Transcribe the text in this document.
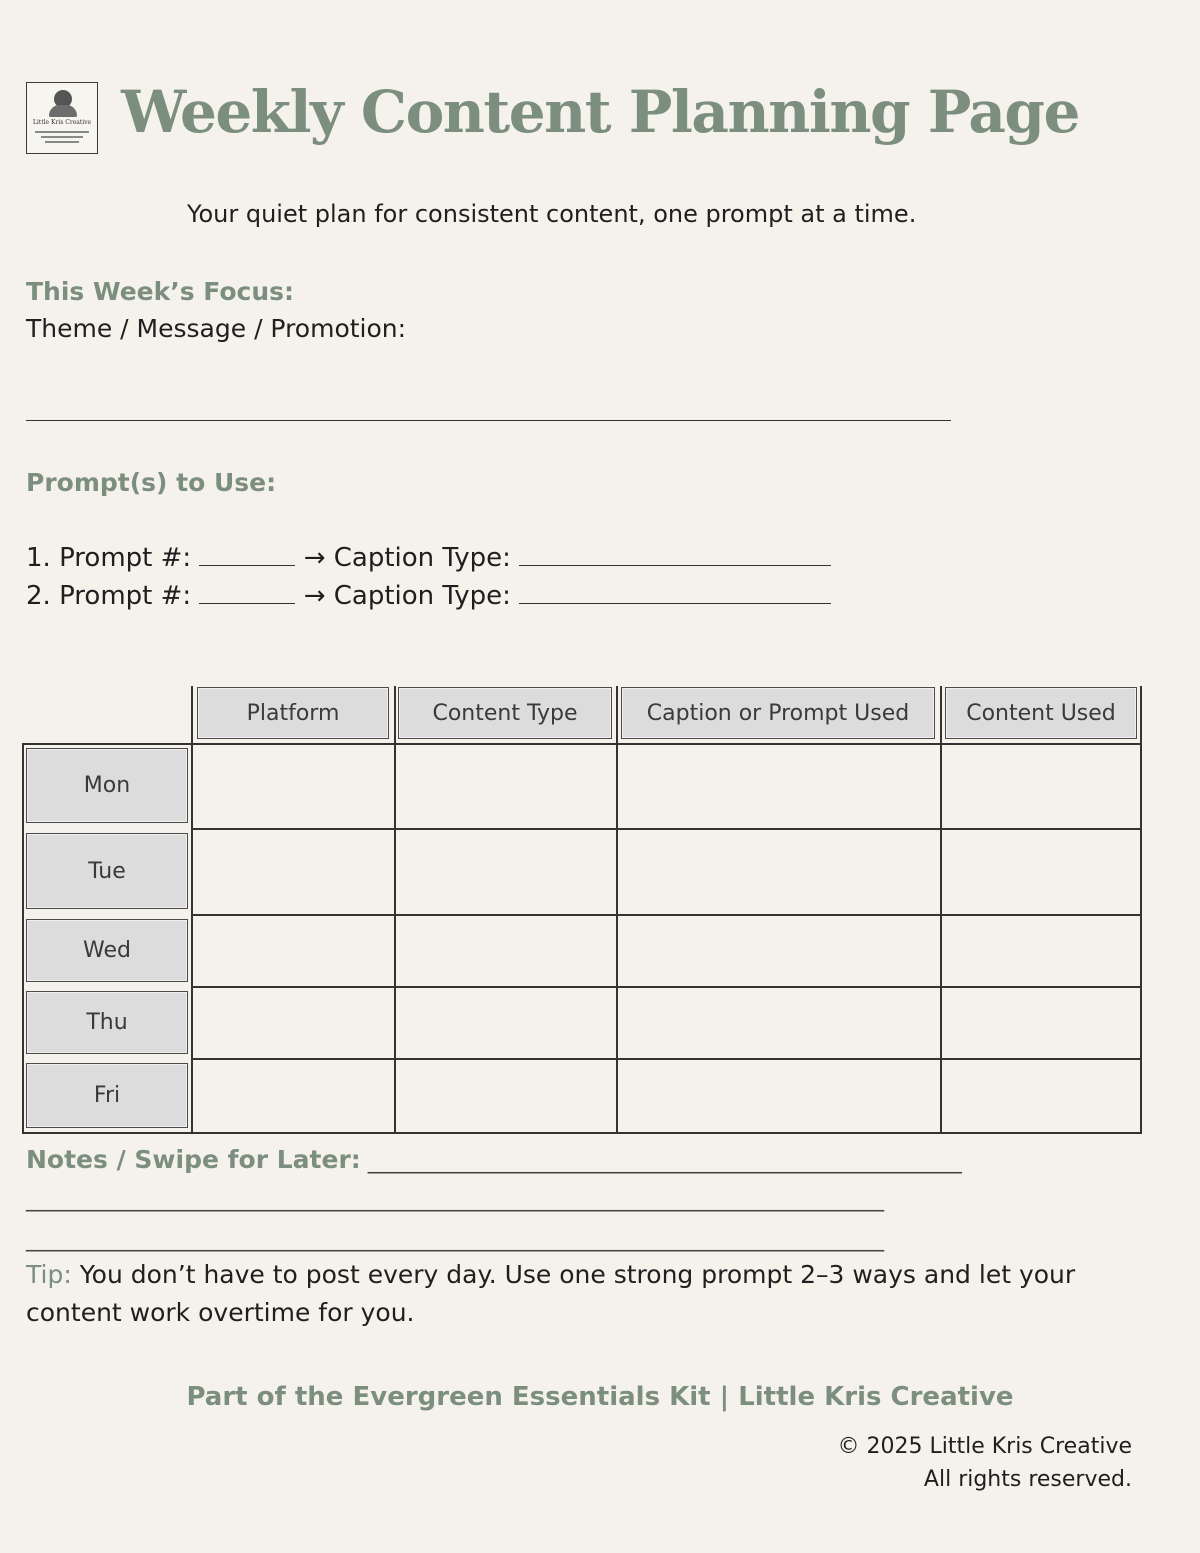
Little Kris Creative Weekly Content Planning Page
Your quiet plan for consistent content, one prompt at a time.
This Week’s Focus:
Theme / Message / Promotion:
Prompt(s) to Use:
1. Prompt #:	→ Caption Type:
2. Prompt #:	→ Caption Type:
Platform	Content Type	Caption or Prompt Used	Content Used
Mon
Tue
Wed
Thu
Fri
Notes / Swipe for Later: ______________________________________________________
______________________________________________________________________________
______________________________________________________________________________
Tip: You don’t have to post every day. Use one strong prompt 2–3 ways and let your content work overtime for you.
Part of the Evergreen Essentials Kit | Little Kris Creative
© 2025 Little Kris Creative
All rights reserved.
